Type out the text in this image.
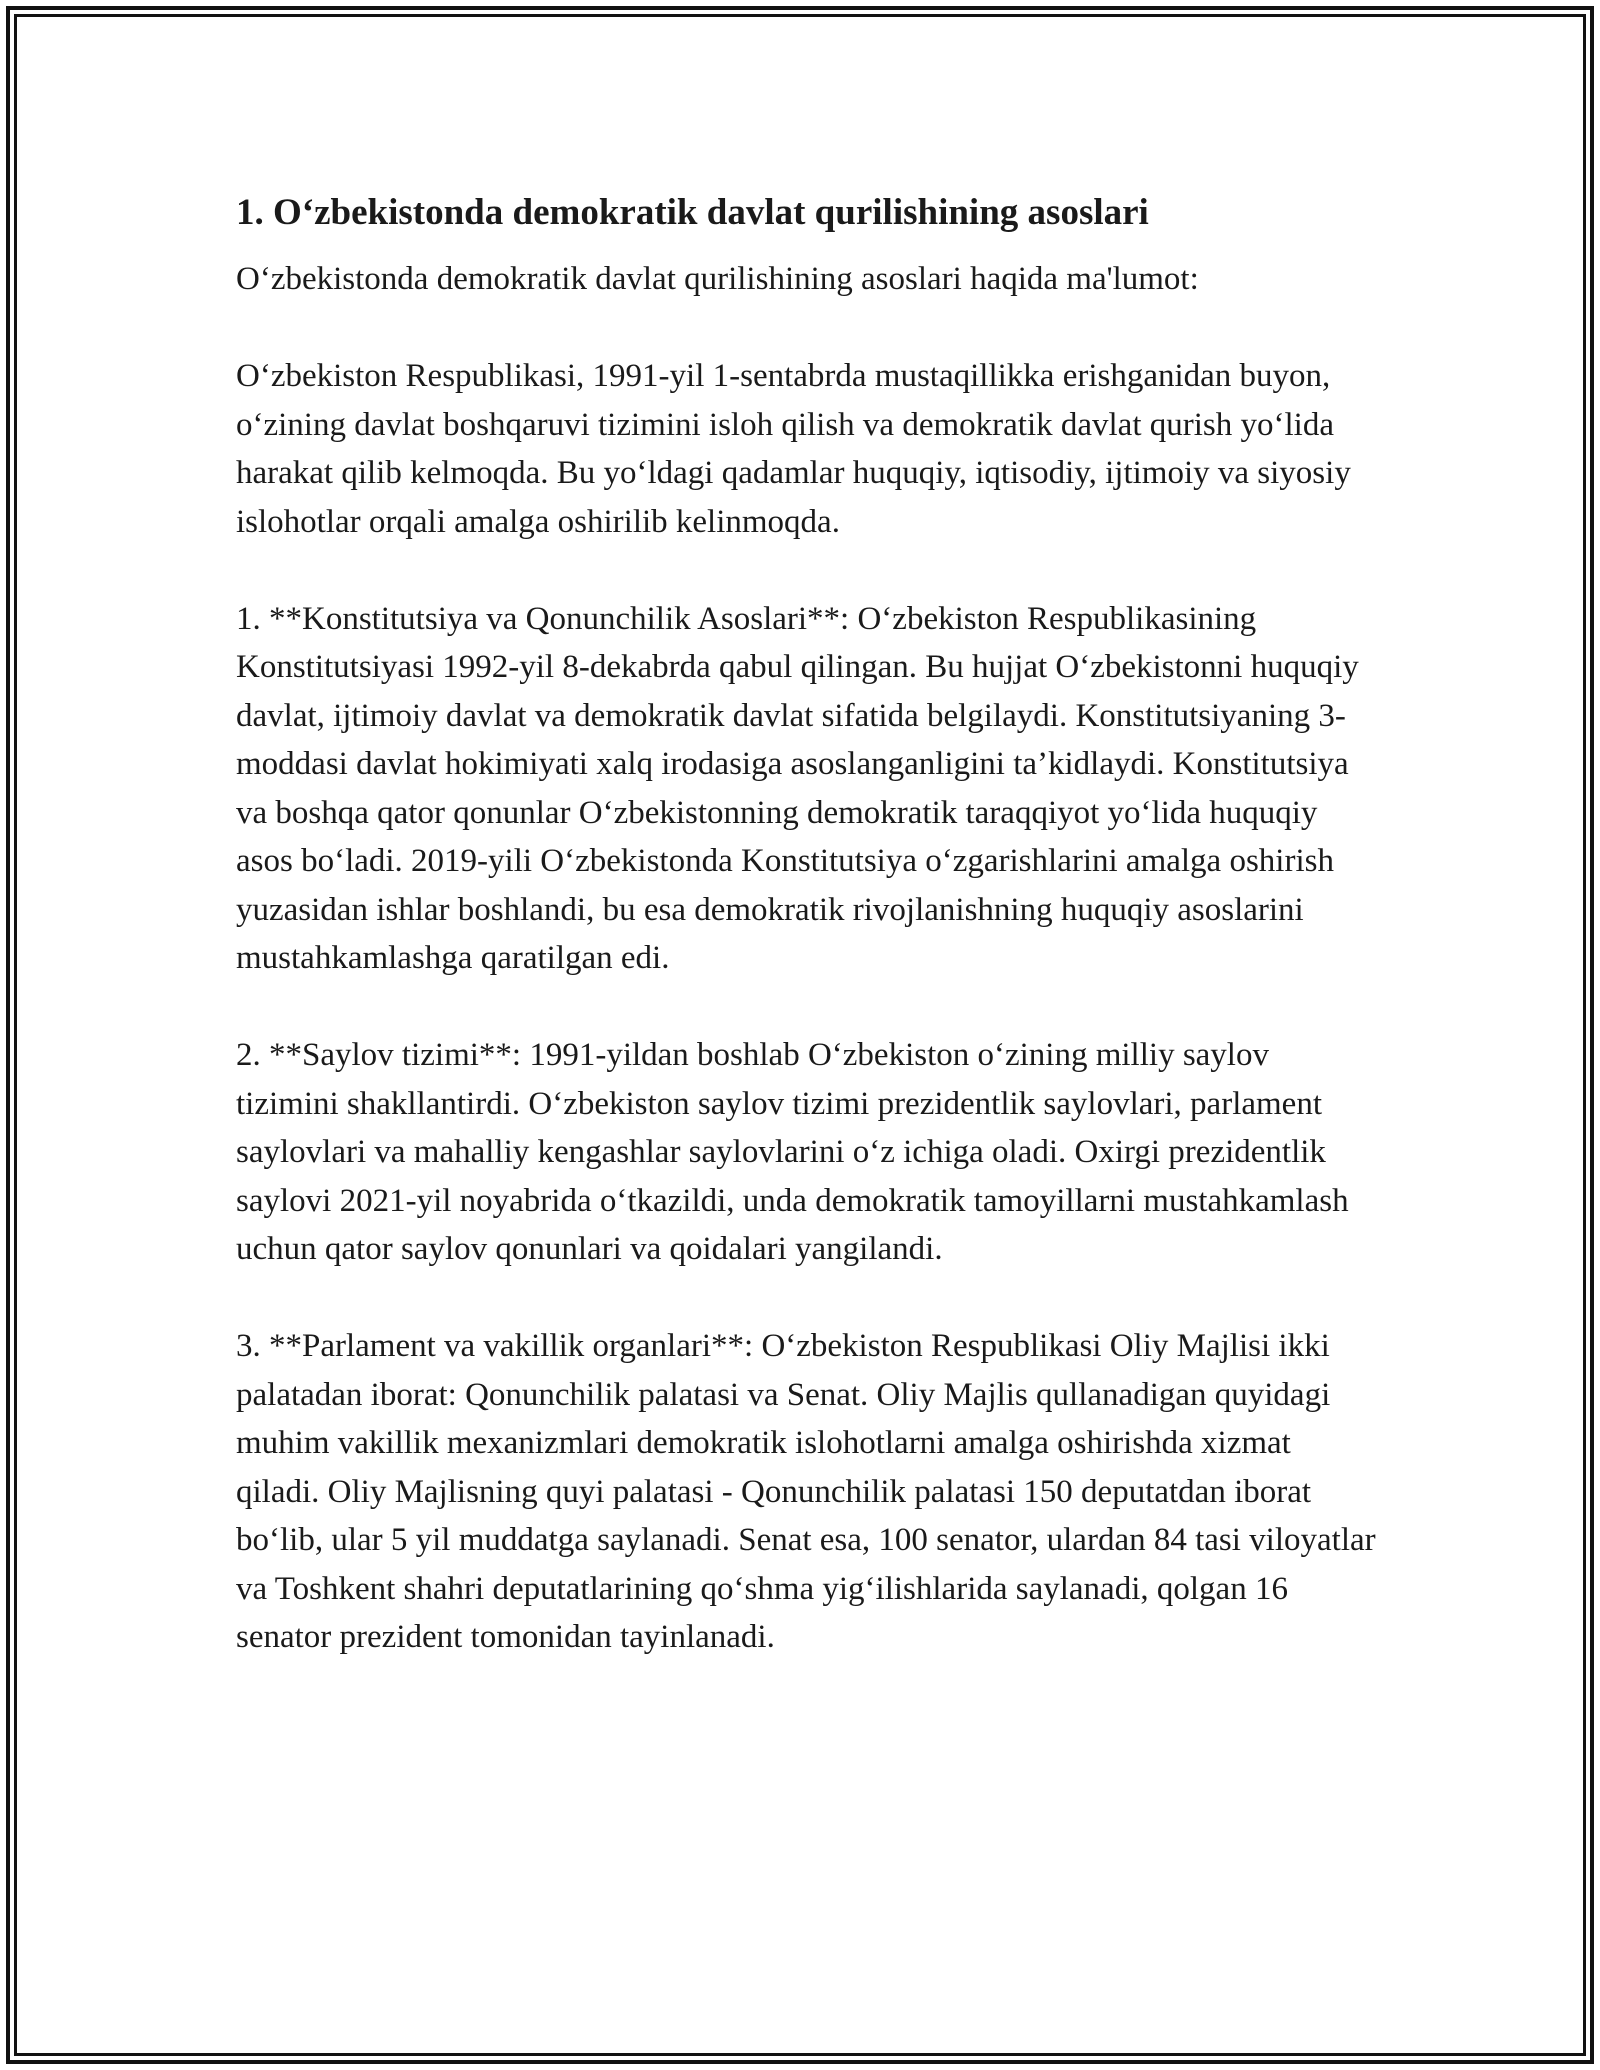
1. O‘zbekistonda demokratik davlat qurilishining asoslari

O‘zbekistonda demokratik davlat qurilishining asoslari haqida ma'lumot:

O‘zbekiston Respublikasi, 1991-yil 1-sentabrda mustaqillikka erishganidan buyon, o‘zining davlat boshqaruvi tizimini isloh qilish va demokratik davlat qurish yo‘lida harakat qilib kelmoqda. Bu yo‘ldagi qadamlar huquqiy, iqtisodiy, ijtimoiy va siyosiy islohotlar orqali amalga oshirilib kelinmoqda.

1. **Konstitutsiya va Qonunchilik Asoslari**: O‘zbekiston Respublikasining Konstitutsiyasi 1992-yil 8-dekabrda qabul qilingan. Bu hujjat O‘zbekistonni huquqiy davlat, ijtimoiy davlat va demokratik davlat sifatida belgilaydi. Konstitutsiyaning 3-moddasi davlat hokimiyati xalq irodasiga asoslanganligini ta’kidlaydi. Konstitutsiya va boshqa qator qonunlar O‘zbekistonning demokratik taraqqiyot yo‘lida huquqiy asos bo‘ladi. 2019-yili O‘zbekistonda Konstitutsiya o‘zgarishlarini amalga oshirish yuzasidan ishlar boshlandi, bu esa demokratik rivojlanishning huquqiy asoslarini mustahkamlashga qaratilgan edi.

2. **Saylov tizimi**: 1991-yildan boshlab O‘zbekiston o‘zining milliy saylov tizimini shakllantirdi. O‘zbekiston saylov tizimi prezidentlik saylovlari, parlament saylovlari va mahalliy kengashlar saylovlarini o‘z ichiga oladi. Oxirgi prezidentlik saylovi 2021-yil noyabrida o‘tkazildi, unda demokratik tamoyillarni mustahkamlash uchun qator saylov qonunlari va qoidalari yangilandi.

3. **Parlament va vakillik organlari**: O‘zbekiston Respublikasi Oliy Majlisi ikki palatadan iborat: Qonunchilik palatasi va Senat. Oliy Majlis qullanadigan quyidagi muhim vakillik mexanizmlari demokratik islohotlarni amalga oshirishda xizmat qiladi. Oliy Majlisning quyi palatasi - Qonunchilik palatasi 150 deputatdan iborat bo‘lib, ular 5 yil muddatga saylanadi. Senat esa, 100 senator, ulardan 84 tasi viloyatlar va Toshkent shahri deputatlarining qo‘shma yig‘ilishlarida saylanadi, qolgan 16 senator prezident tomonidan tayinlanadi.
